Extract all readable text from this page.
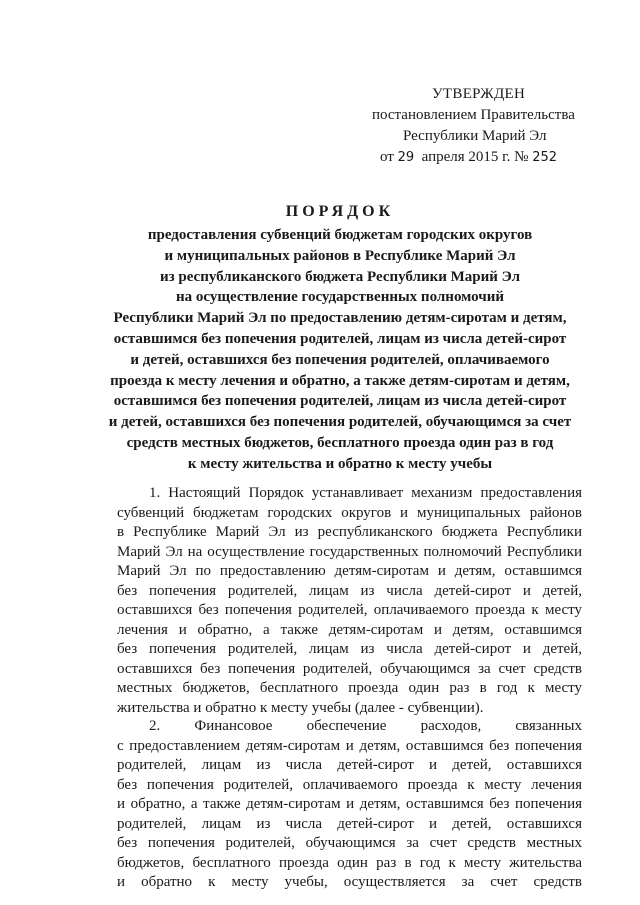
УТВЕРЖДЕН
постановлением Правительства
Республики Марий Эл
от 29  апреля 2015 г. № 252
ПОРЯДОК
предоставления субвенций бюджетам городских округов
и муниципальных районов в Республике Марий Эл
из республиканского бюджета Республики Марий Эл
на осуществление государственных полномочий
Республики Марий Эл по предоставлению детям-сиротам и детям,
оставшимся без попечения родителей, лицам из числа детей-сирот
и детей, оставшихся без попечения родителей, оплачиваемого
проезда к месту лечения и обратно, а также детям-сиротам и детям,
оставшимся без попечения родителей, лицам из числа детей-сирот
и детей, оставшихся без попечения родителей, обучающимся за счет
средств местных бюджетов, бесплатного проезда один раз в год
к месту жительства и обратно к месту учебы
1. Настоящий Порядок устанавливает механизм предоставления
субвенций бюджетам городских округов и муниципальных районов
в Республике Марий Эл из республиканского бюджета Республики
Марий Эл на осуществление государственных полномочий Республики
Марий Эл по предоставлению детям-сиротам и детям, оставшимся
без попечения родителей, лицам из числа детей-сирот и детей,
оставшихся без попечения родителей, оплачиваемого проезда к месту
лечения и обратно, а также детям-сиротам и детям, оставшимся
без попечения родителей, лицам из числа детей-сирот и детей,
оставшихся без попечения родителей, обучающимся за счет средств
местных бюджетов, бесплатного проезда один раз в год к месту
жительства и обратно к месту учебы (далее - субвенции).
2. Финансовое обеспечение расходов, связанных
с предоставлением детям-сиротам и детям, оставшимся без попечения
родителей, лицам из числа детей-сирот и детей, оставшихся
без попечения родителей, оплачиваемого проезда к месту лечения
и обратно, а также детям-сиротам и детям, оставшимся без попечения
родителей, лицам из числа детей-сирот и детей, оставшихся
без попечения родителей, обучающимся за счет средств местных
бюджетов, бесплатного проезда один раз в год к месту жительства
и обратно к месту учебы, осуществляется за счет средств
